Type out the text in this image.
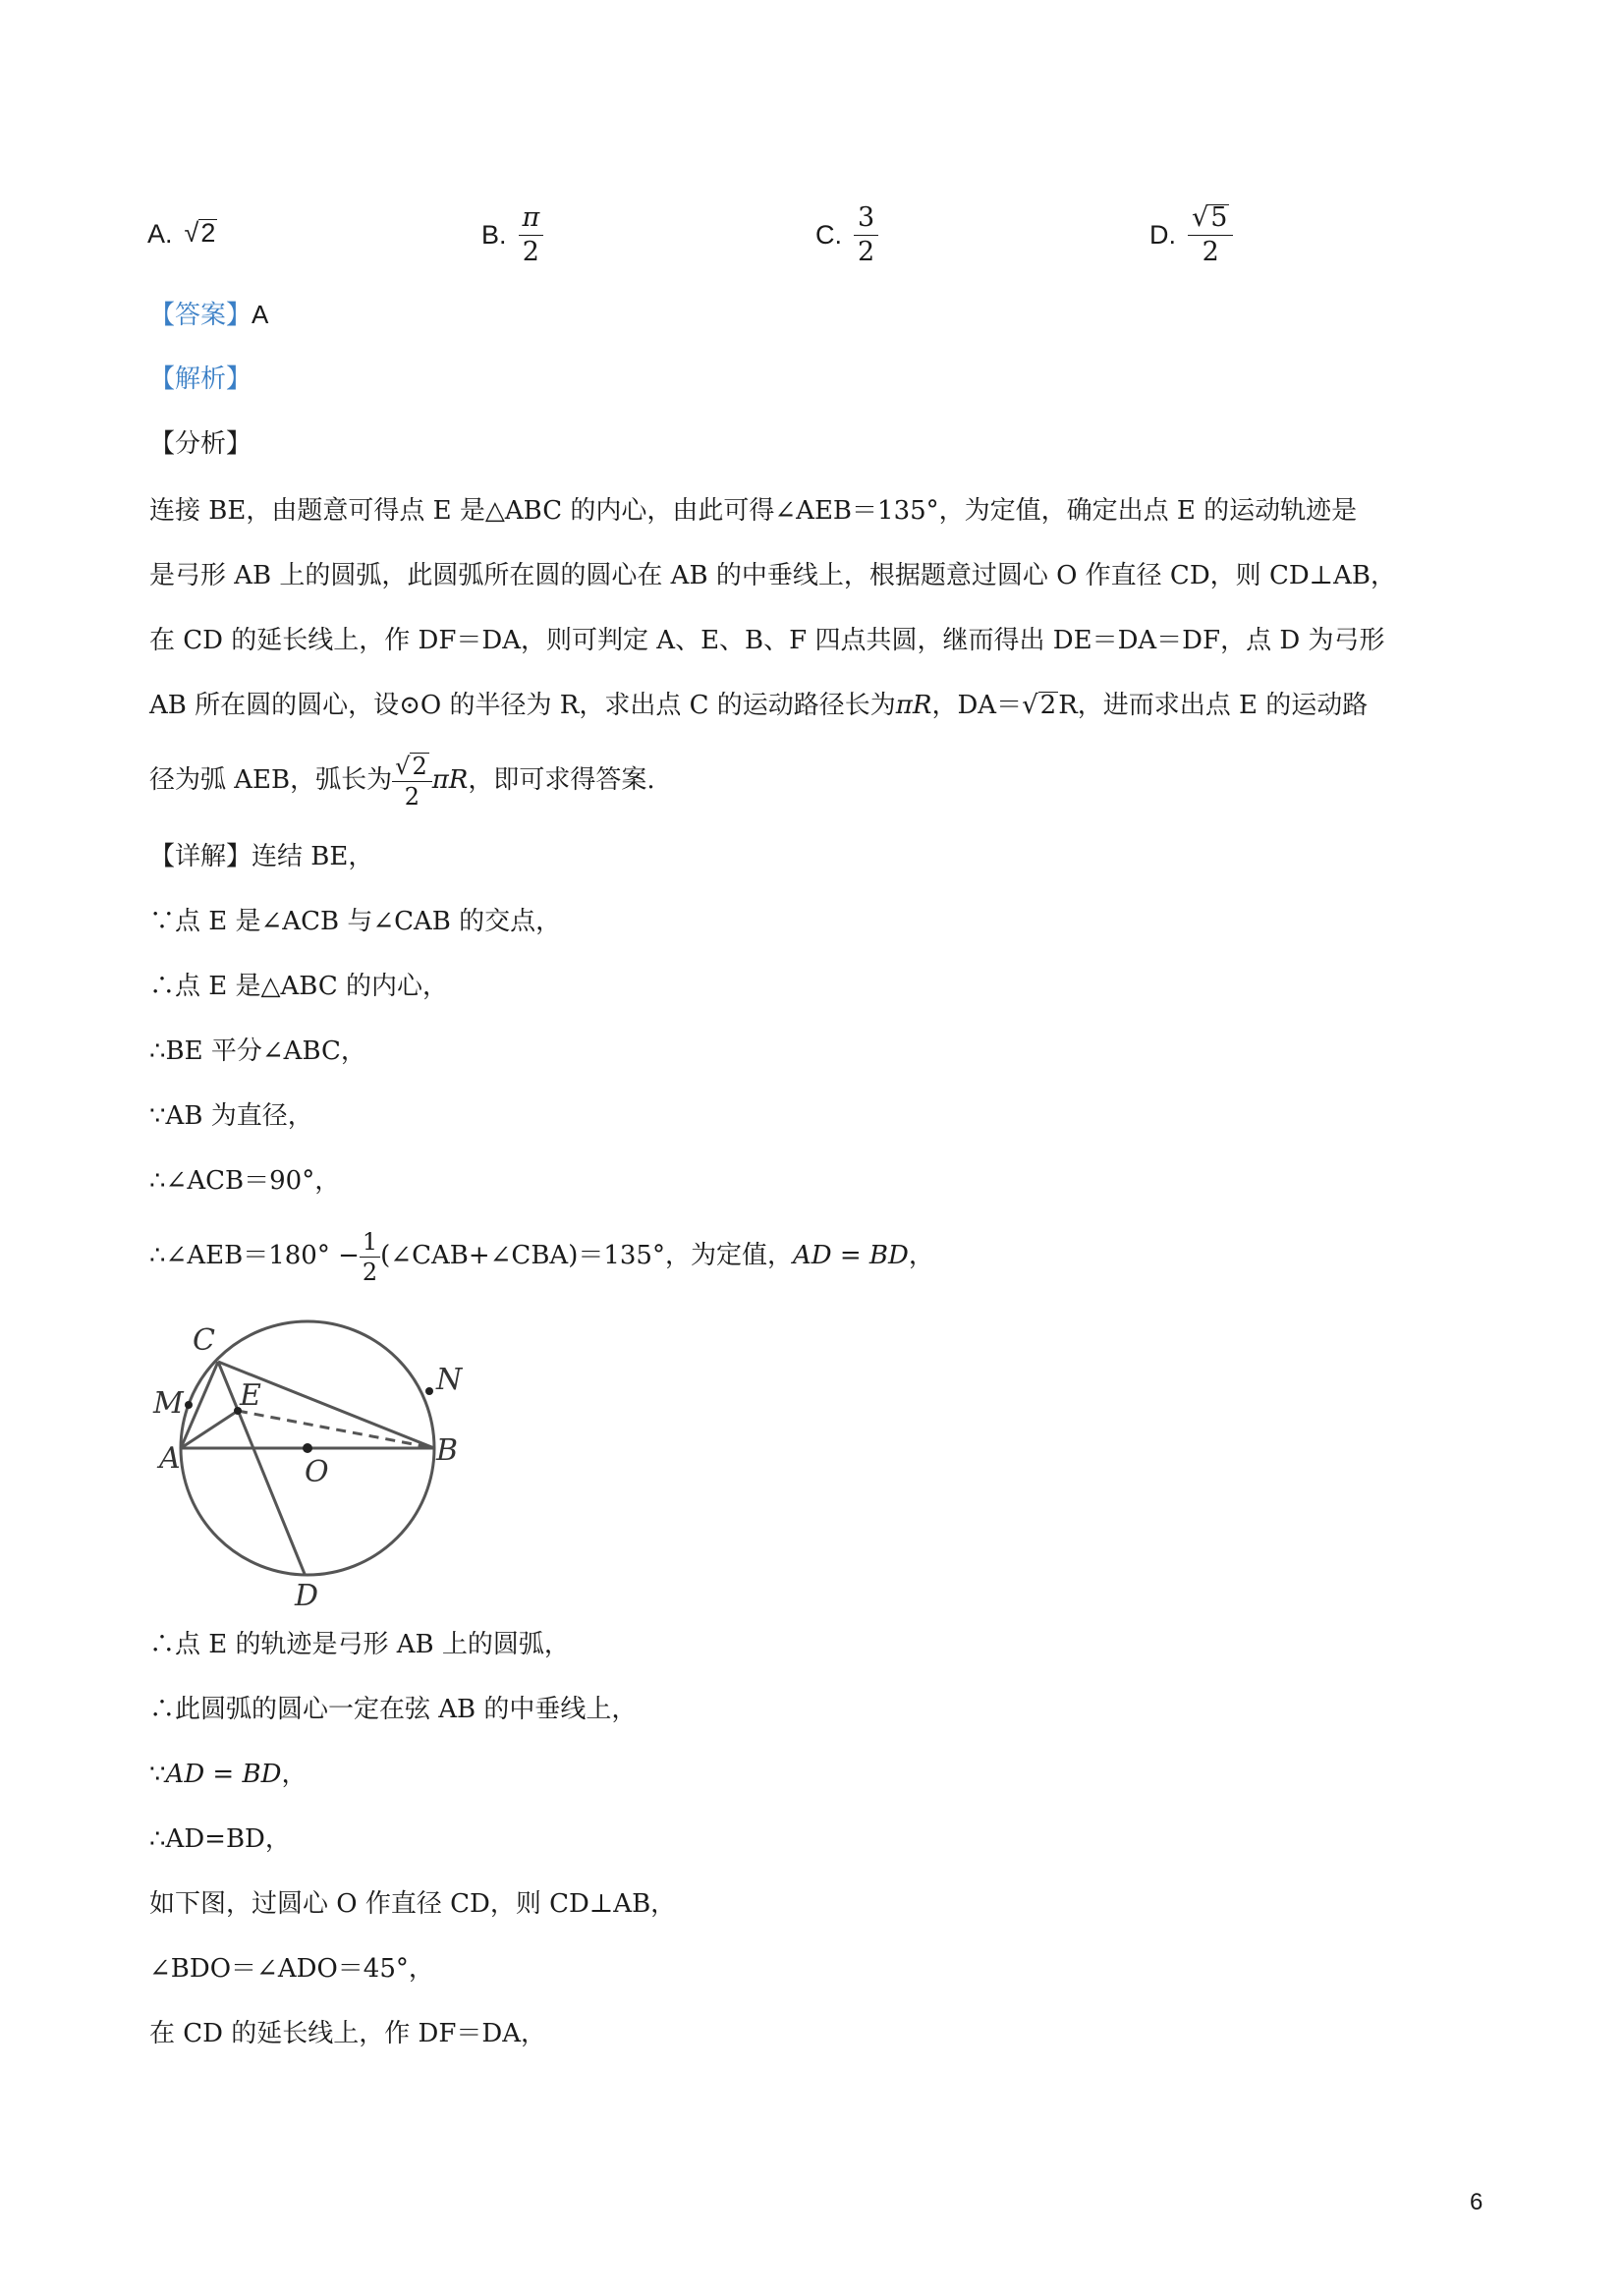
A. √2	B. $\frac{\pi}{2}$	C. $\frac{3}{2}$	D. $\frac{√5}{2}$
【答案】A
【解析】
【分析】
连接 BE，由题意可得点 E 是△ABC 的内心，由此可得∠AEB＝135°，为定值，确定出点 E 的运动轨迹是
是弓形 AB 上的圆弧，此圆弧所在圆的圆心在 AB 的中垂线上，根据题意过圆心 O 作直径 CD，则 CD⊥AB，
在 CD 的延长线上，作 DF＝DA，则可判定 A、E、B、F 四点共圆，继而得出 DE＝DA＝DF，点 D 为弓形
AB 所在圆的圆心，设⊙O 的半径为 R，求出点 C 的运动路径长为πR，DA＝√2R，进而求出点 E 的运动路
径为弧 AEB，弧长为 $\frac{√2}{2}$ πR，即可求得答案.
【详解】连结 BE，
∵点 E 是∠ACB 与∠CAB 的交点，
∴点 E 是△ABC 的内心，
∴BE 平分∠ABC，
∵AB 为直径，
∴∠ACB＝90°，
∴∠AEB＝180° − $\frac{1}{2}$ (∠CAB+∠CBA)＝135°，为定值，AD = BD，
C
M E	N
A	B
O
D
∴点 E 的轨迹是弓形 AB 上的圆弧，
∴此圆弧的圆心一定在弦 AB 的中垂线上，
∵AD = BD，
∴AD=BD，
如下图，过圆心 O 作直径 CD，则 CD⊥AB，
∠BDO＝∠ADO＝45°，
在 CD 的延长线上，作 DF＝DA，
6
